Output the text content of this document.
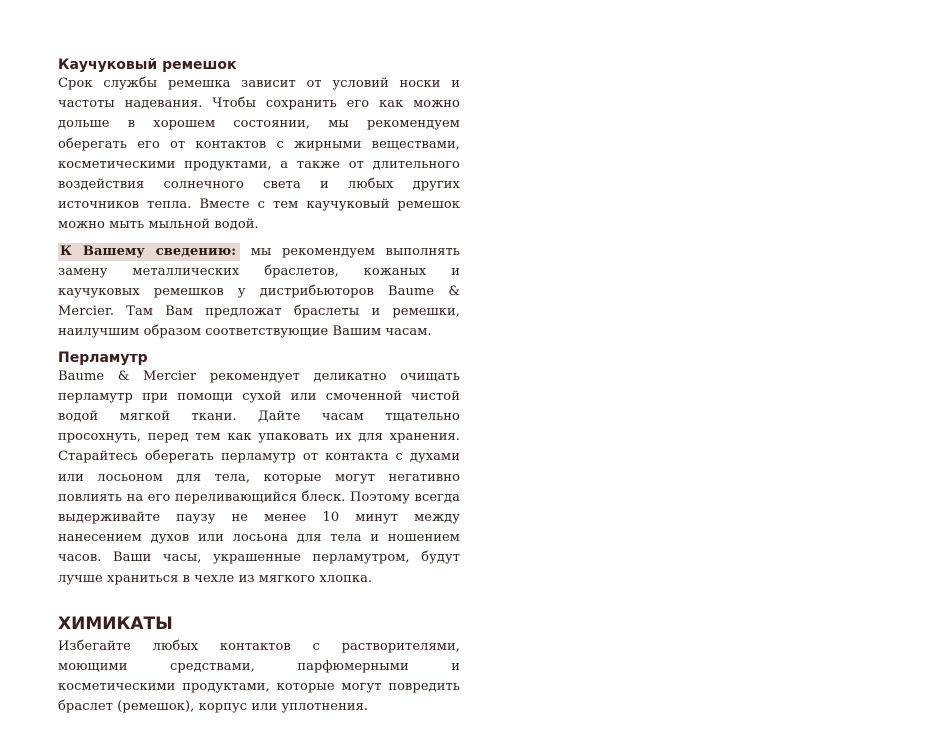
Каучуковый ремешок

Срок службы ремешка зависит от условий носки и частоты надевания. Чтобы сохранить его как можно дольше в хорошем состоянии, мы рекомендуем оберегать его от контактов с жирными веществами, косметическими продуктами, а также от длительного воздействия солнечного света и любых других источников тепла. Вместе с тем каучуковый ремешок можно мыть мыльной водой.

К Вашему сведению: мы рекомендуем выполнять замену металлических браслетов, кожаных и каучуковых ремешков у дистрибьюторов Baume & Mercier. Там Вам предложат браслеты и ремешки, наилучшим образом соответствующие Вашим часам.

Перламутр

Baume & Mercier рекомендует деликатно очищать перламутр при помощи сухой или смоченной чистой водой мягкой ткани. Дайте часам тщательно просохнуть, перед тем как упаковать их для хранения. Старайтесь оберегать перламутр от контакта с духами или лосьоном для тела, которые могут негативно повлиять на его переливающийся блеск. Поэтому всегда выдерживайте паузу не менее 10 минут между нанесением духов или лосьона для тела и ношением часов. Ваши часы, украшенные перламутром, будут лучше храниться в чехле из мягкого хлопка.

ХИМИКАТЫ

Избегайте любых контактов с растворителями, моющими средствами, парфюмерными и косметическими продуктами, которые могут повредить браслет (ремешок), корпус или уплотнения.
